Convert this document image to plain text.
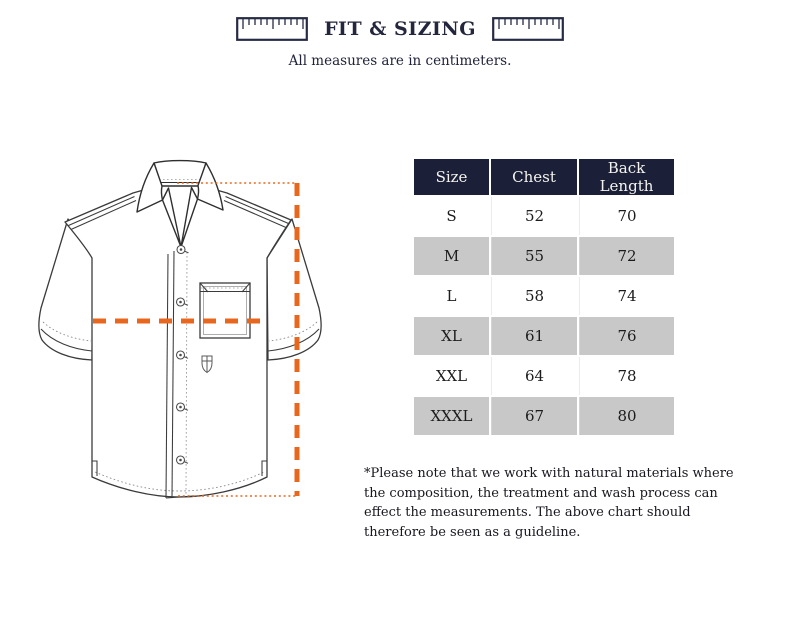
FIT & SIZING

All measures are in centimeters.

Size	Chest	Back Length
S	52	70
M	55	72
L	58	74
XL	61	76
XXL	64	78
XXXL	67	80

*Please note that we work with natural materials where the composition, the treatment and wash process can effect the measurements. The above chart should therefore be seen as a guideline.
